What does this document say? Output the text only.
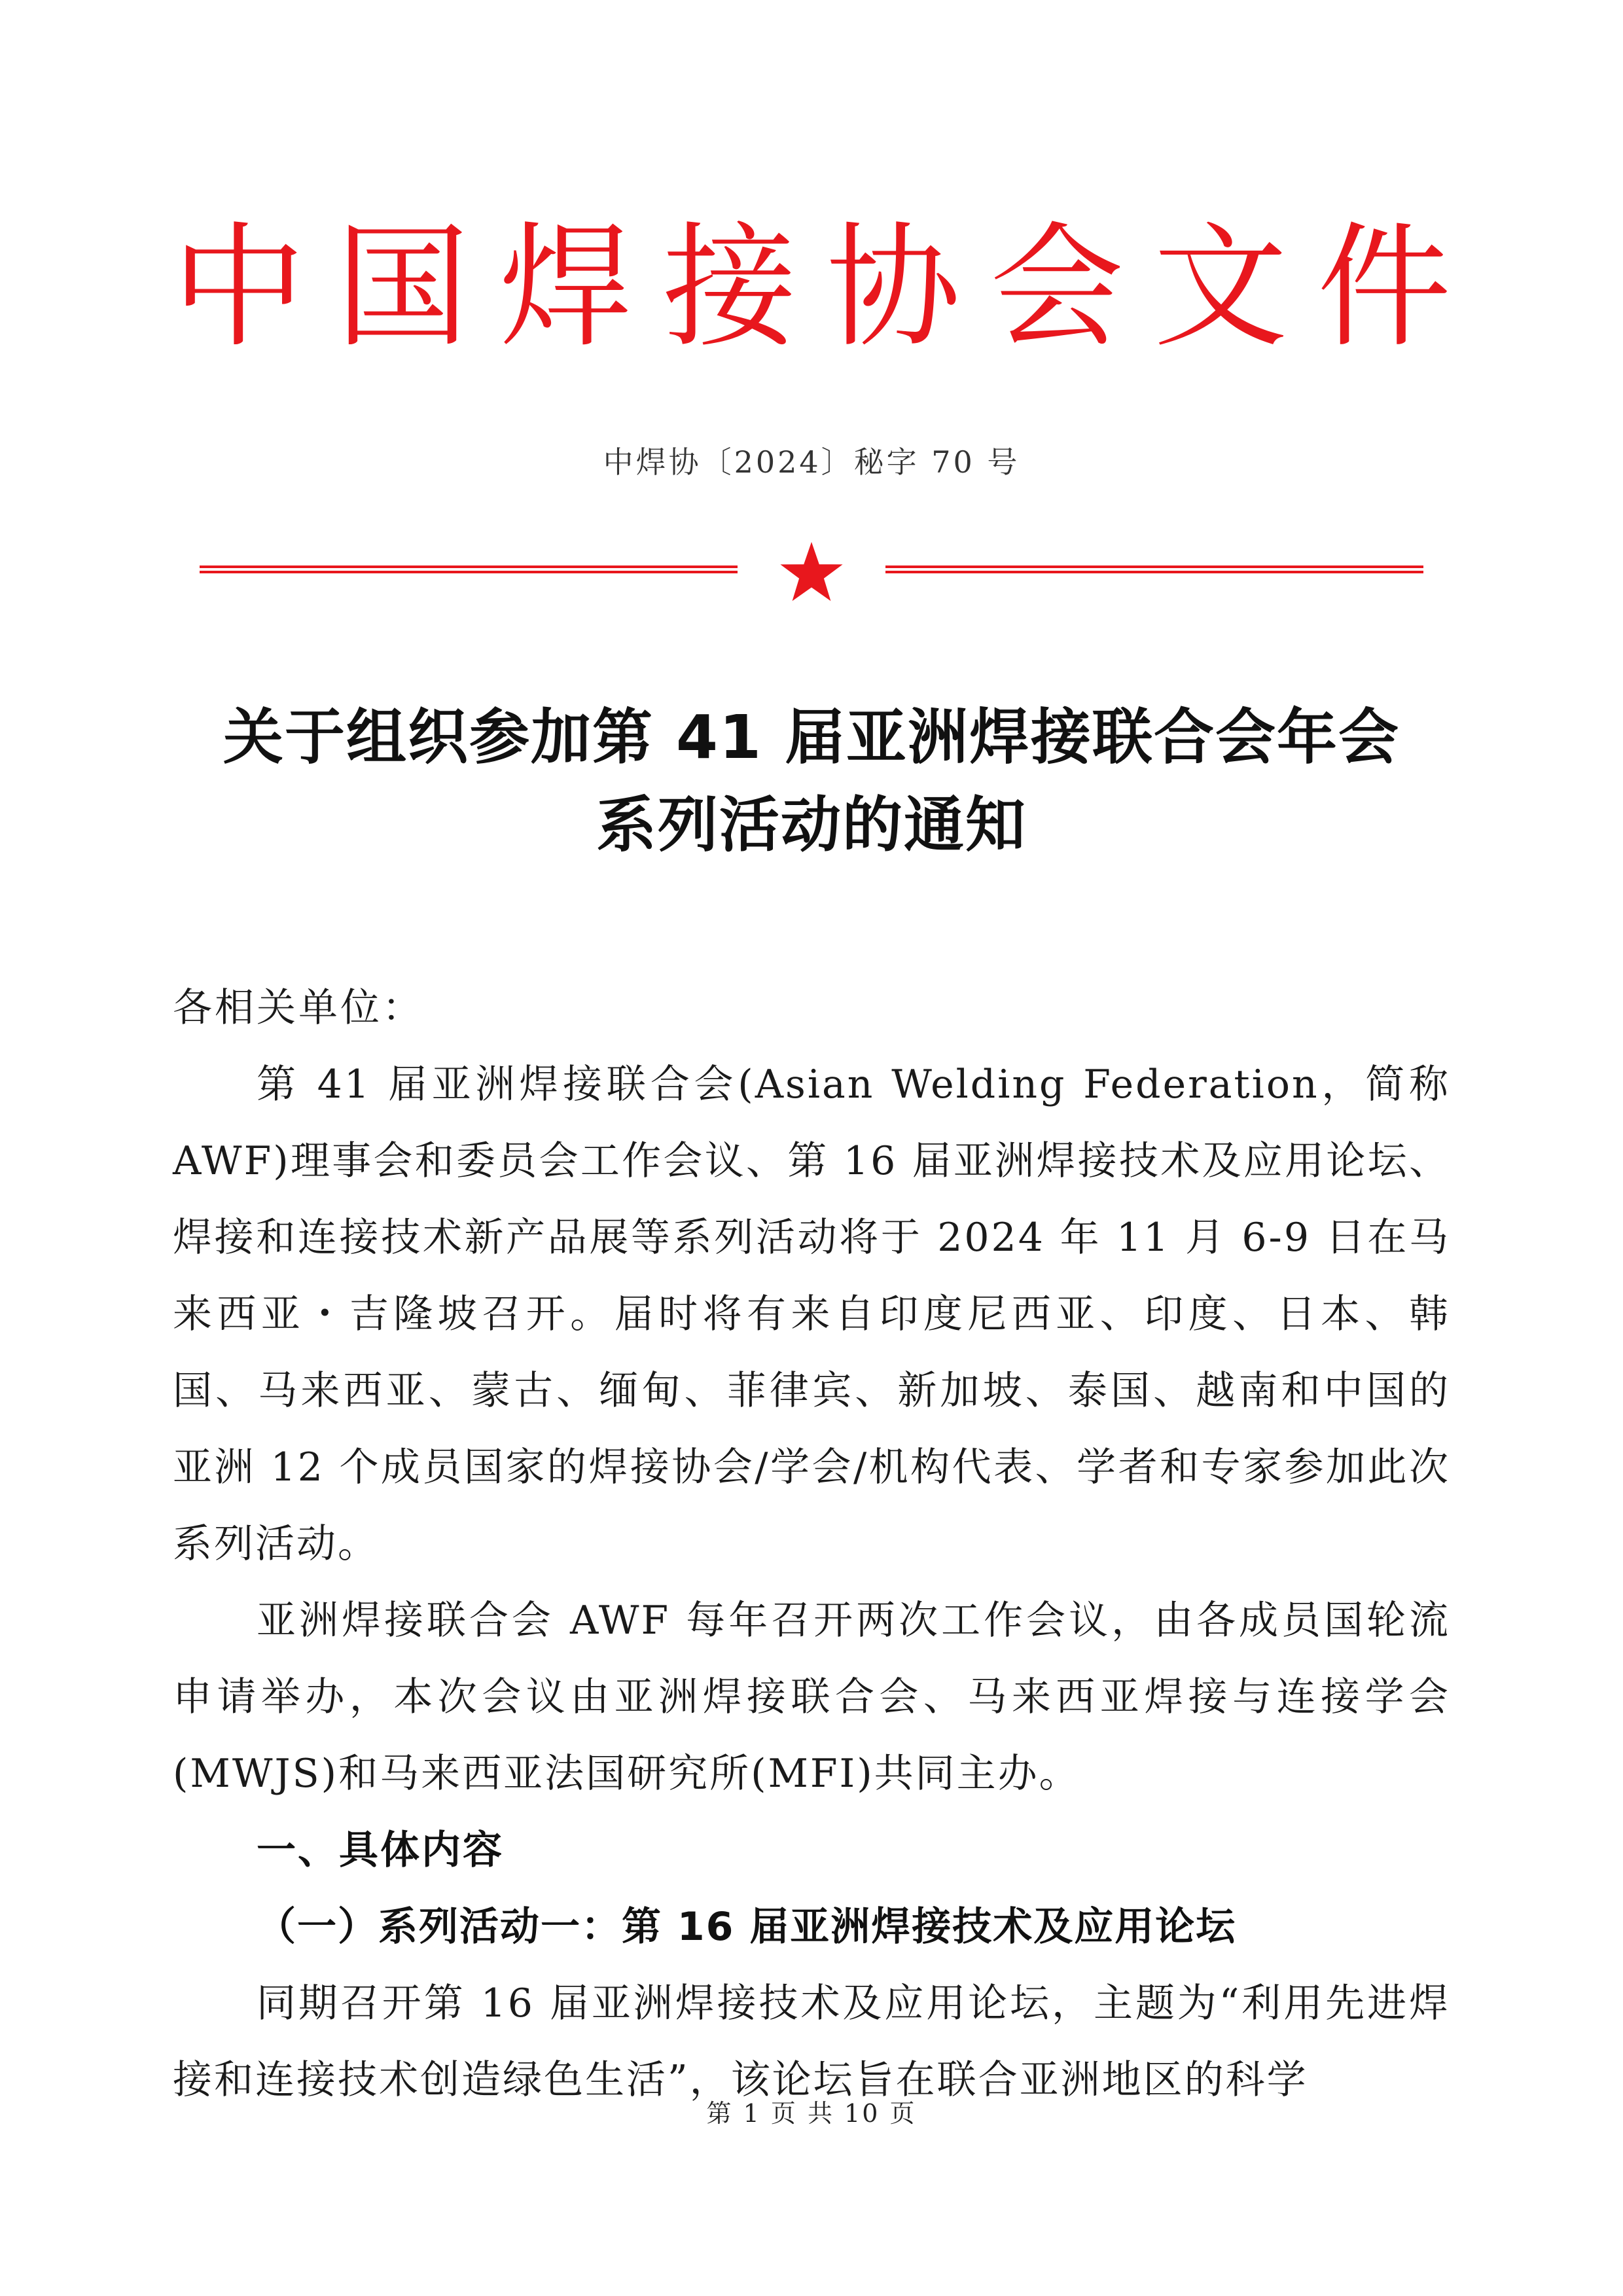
中国焊接协会文件
中焊协〔2024〕秘字 70 号
关于组织参加第 41 届亚洲焊接联合会年会
系列活动的通知

各相关单位：

第 41 届亚洲焊接联合会(Asian Welding Federation，简称 AWF)理事会和委员会工作会议、第 16 届亚洲焊接技术及应用论坛、焊接和连接技术新产品展等系列活动将于 2024 年 11 月 6-9 日在马来西亚・吉隆坡召开。届时将有来自印度尼西亚、印度、日本、韩国、马来西亚、蒙古、缅甸、菲律宾、新加坡、泰国、越南和中国的亚洲 12 个成员国家的焊接协会/学会/机构代表、学者和专家参加此次系列活动。

亚洲焊接联合会 AWF 每年召开两次工作会议，由各成员国轮流申请举办，本次会议由亚洲焊接联合会、马来西亚焊接与连接学会(MWJS)和马来西亚法国研究所(MFI)共同主办。

一、具体内容
（一）系列活动一：第 16 届亚洲焊接技术及应用论坛

同期召开第 16 届亚洲焊接技术及应用论坛，主题为“利用先进焊接和连接技术创造绿色生活”，该论坛旨在联合亚洲地区的科学

第 1 页 共 10 页
